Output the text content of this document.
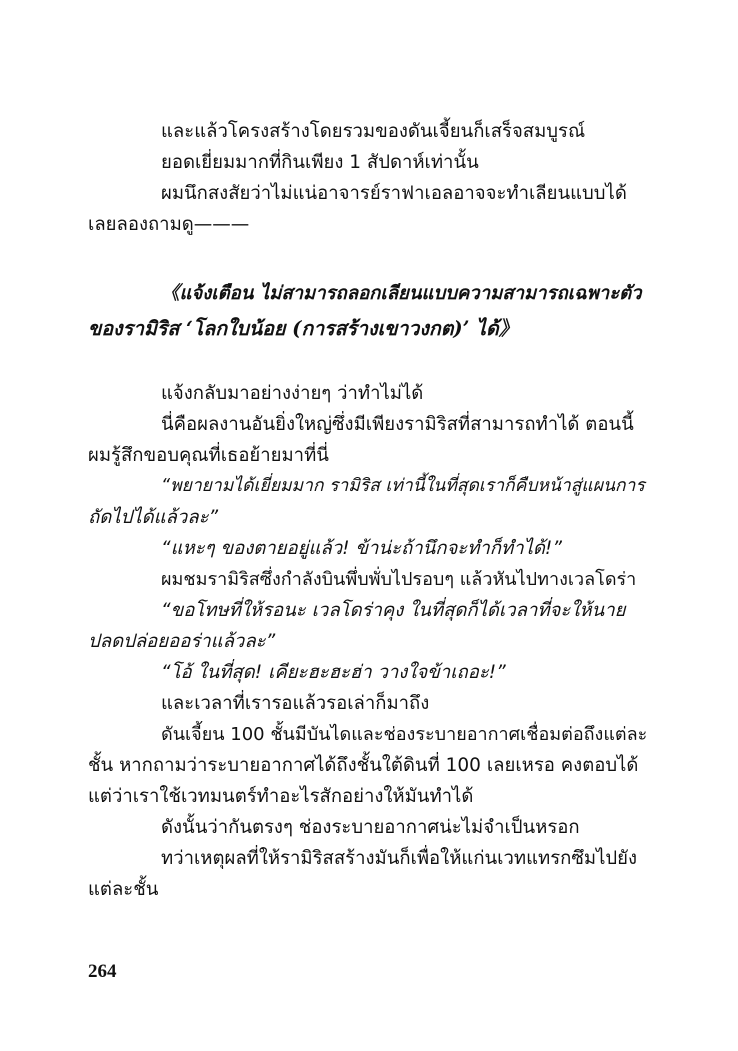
และแล้วโครงสร้างโดยรวมของดันเจี้ยนก็เสร็จสมบูรณ์
ยอดเยี่ยมมากที่กินเพียง 1 สัปดาห์เท่านั้น
ผมนึกสงสัยว่าไม่แน่อาจารย์ราฟาเอลอาจจะทำเลียนแบบได้
เลยลองถามดู———
《แจ้งเตือน ไม่สามารถลอกเลียนแบบความสามารถเฉพาะตัว
ของรามิริส ‘โลกใบน้อย (การสร้างเขาวงกต)’ ได้》
แจ้งกลับมาอย่างง่ายๆ ว่าทำไม่ได้
นี่คือผลงานอันยิ่งใหญ่ซึ่งมีเพียงรามิริสที่สามารถทำได้ ตอนนี้
ผมรู้สึกขอบคุณที่เธอย้ายมาที่นี่
“พยายามได้เยี่ยมมาก รามิริส เท่านี้ในที่สุดเราก็คืบหน้าสู่แผนการ
ถัดไปได้แล้วละ”
“แหะๆ ของตายอยู่แล้ว! ข้าน่ะถ้านึกจะทำก็ทำได้!”
ผมชมรามิริสซึ่งกำลังบินพึ่บพั่บไปรอบๆ แล้วหันไปทางเวลโดร่า
“ขอโทษที่ให้รอนะ เวลโดร่าคุง ในที่สุดก็ได้เวลาที่จะให้นาย
ปลดปล่อยออร่าแล้วละ”
“โอ้ ในที่สุด! เคียะฮะฮะฮ่า วางใจข้าเถอะ!”
และเวลาที่เรารอแล้วรอเล่าก็มาถึง
ดันเจี้ยน 100 ชั้นมีบันไดและช่องระบายอากาศเชื่อมต่อถึงแต่ละ
ชั้น หากถามว่าระบายอากาศได้ถึงชั้นใต้ดินที่ 100 เลยเหรอ คงตอบได้
แต่ว่าเราใช้เวทมนตร์ทำอะไรสักอย่างให้มันทำได้
ดังนั้นว่ากันตรงๆ ช่องระบายอากาศน่ะไม่จำเป็นหรอก
ทว่าเหตุผลที่ให้รามิริสสร้างมันก็เพื่อให้แก่นเวทแทรกซึมไปยัง
แต่ละชั้น
264
